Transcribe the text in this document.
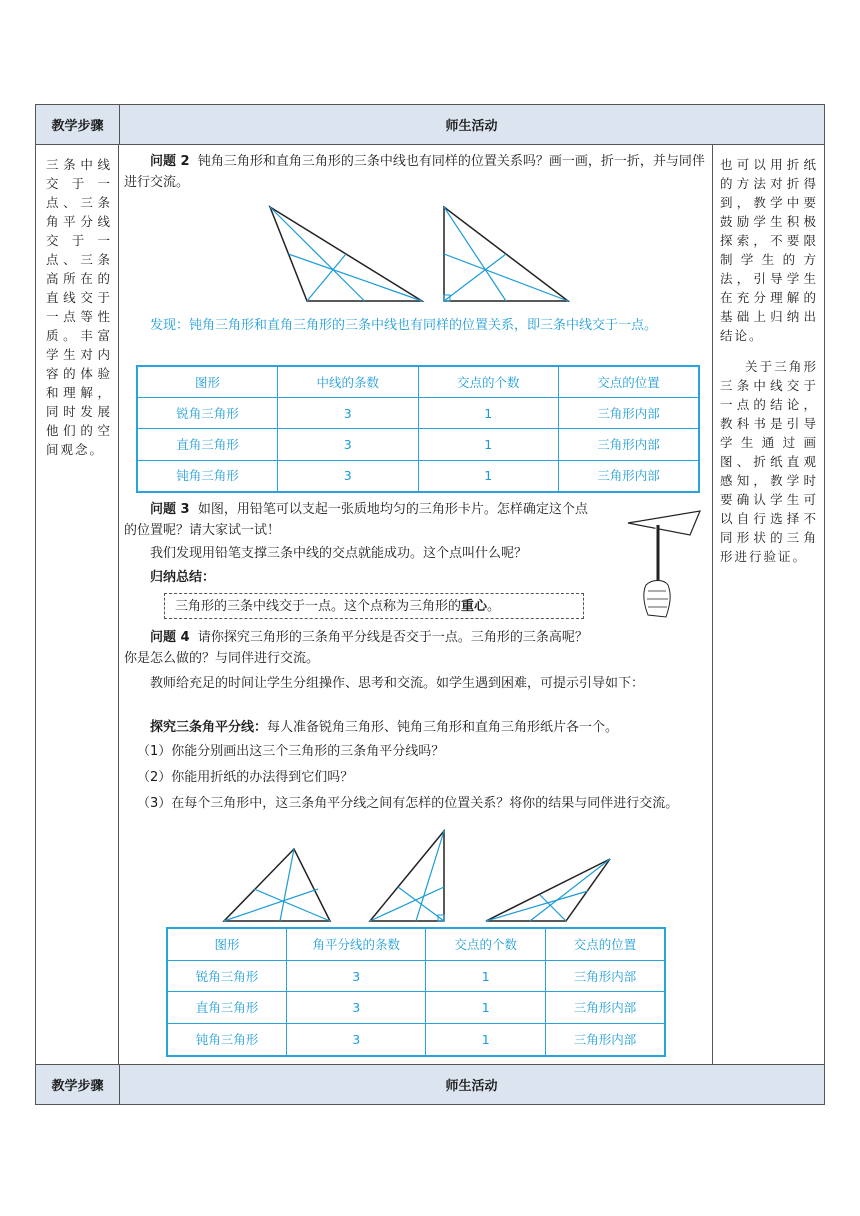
教学步骤	师生活动
三条中线交于一点、三条角平分线交于一点、三条高所在的直线交于一点等性质。丰富学生对内容的体验和理解，同时发展他们的空间观念。
也可以用折纸的方法对折得到，教学中要鼓励学生积极探索，不要限制学生的方法，引导学生在充分理解的基础上归纳出结论。
关于三角形三条中线交于一点的结论，教科书是引导学生通过画图、折纸直观感知，教学时要确认学生可以自行选择不同形状的三角形进行验证。
问题 2 钝角三角形和直角三角形的三条中线也有同样的位置关系吗？画一画，折一折，并与同伴进行交流。
发现：钝角三角形和直角三角形的三条中线也有同样的位置关系，即三条中线交于一点。
图形	中线的条数	交点的个数	交点的位置
锐角三角形	3	1	三角形内部
直角三角形	3	1	三角形内部
钝角三角形	3	1	三角形内部
问题 3 如图，用铅笔可以支起一张质地均匀的三角形卡片。怎样确定这个点的位置呢？请大家试一试！
我们发现用铅笔支撑三条中线的交点就能成功。这个点叫什么呢？
归纳总结：
三角形的三条中线交于一点。这个点称为三角形的重心。
问题 4 请你探究三角形的三条角平分线是否交于一点。三角形的三条高呢？你是怎么做的？与同伴进行交流。
教师给充足的时间让学生分组操作、思考和交流。如学生遇到困难，可提示引导如下：
探究三条角平分线：每人准备锐角三角形、钝角三角形和直角三角形纸片各一个。
（1）你能分别画出这三个三角形的三条角平分线吗？
（2）你能用折纸的办法得到它们吗？
（3）在每个三角形中，这三条角平分线之间有怎样的位置关系？将你的结果与同伴进行交流。
图形	角平分线的条数	交点的个数	交点的位置
锐角三角形	3	1	三角形内部
直角三角形	3	1	三角形内部
钝角三角形	3	1	三角形内部
教学步骤	师生活动
